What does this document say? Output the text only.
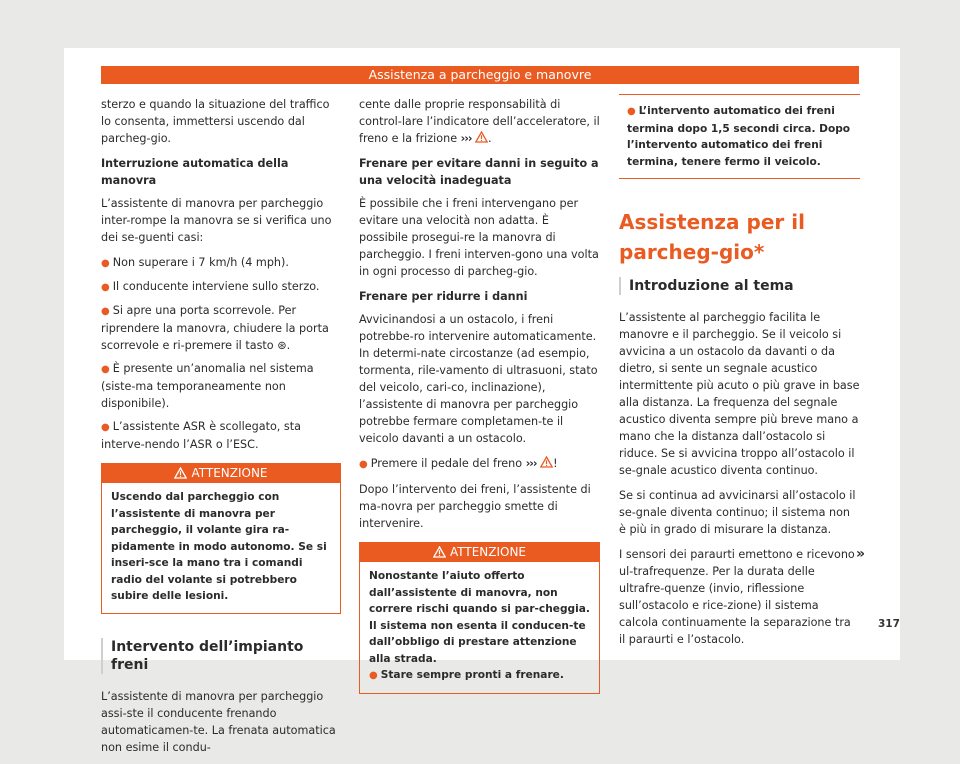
Assistenza a parcheggio e manovre

sterzo e quando la situazione del traffico lo consenta, immettersi uscendo dal parcheg-gio.

Interruzione automatica della manovra

L’assistente di manovra per parcheggio inter-rompe la manovra se si verifica uno dei se-guenti casi:

● Non superare i 7 km/h (4 mph).

● Il conducente interviene sullo sterzo.

● Si apre una porta scorrevole. Per riprendere la manovra, chiudere la porta scorrevole e ri-premere il tasto ⊛.

● È presente un’anomalia nel sistema (siste-ma temporaneamente non disponibile).

● L’assistente ASR è scollegato, sta interve-nendo l’ASR o l’ESC.

ATTENZIONE

Uscendo dal parcheggio con l’assistente di manovra per parcheggio, il volante gira ra-pidamente in modo autonomo. Se si inseri-sce la mano tra i comandi radio del volante si potrebbero subire delle lesioni.

Intervento dell’impianto freni

L’assistente di manovra per parcheggio assi-ste il conducente frenando automaticamen-te. La frenata automatica non esime il condu-

cente dalle proprie responsabilità di control-lare l’indicatore dell’acceleratore, il freno e la frizione ››› .

Frenare per evitare danni in seguito a una velocità inadeguata

È possibile che i freni intervengano per evitare una velocità non adatta. È possibile prosegui-re la manovra di parcheggio. I freni interven-gono una volta in ogni processo di parcheg-gio.

Frenare per ridurre i danni

Avvicinandosi a un ostacolo, i freni potrebbe-ro intervenire automaticamente. In determi-nate circostanze (ad esempio, tormenta, rile-vamento di ultrasuoni, stato del veicolo, cari-co, inclinazione), l’assistente di manovra per parcheggio potrebbe fermare completamen-te il veicolo davanti a un ostacolo.

● Premere il pedale del freno ››› !

Dopo l’intervento dei freni, l’assistente di ma-novra per parcheggio smette di intervenire.

ATTENZIONE

Nonostante l’aiuto offerto dall’assistente di manovra, non correre rischi quando si par-cheggia. Il sistema non esenta il conducen-te dall’obbligo di prestare attenzione alla strada.

● Stare sempre pronti a frenare.

● L’intervento automatico dei freni termina dopo 1,5 secondi circa. Dopo l’intervento automatico dei freni termina, tenere fermo il veicolo.

Assistenza per il parcheg-gio*
Introduzione al tema

L’assistente al parcheggio facilita le manovre e il parcheggio. Se il veicolo si avvicina a un ostacolo da davanti o da dietro, si sente un segnale acustico intermittente più acuto o più grave in base alla distanza. La frequenza del segnale acustico diventa sempre più breve mano a mano che la distanza dall’ostacolo si riduce. Se si avvicina troppo all’ostacolo il se-gnale acustico diventa continuo.

Se si continua ad avvicinarsi all’ostacolo il se-gnale diventa continuo; il sistema non è più in grado di misurare la distanza.

I sensori dei paraurti emettono e ricevono ul-trafrequenze. Per la durata delle ultrafre-quenze (invio, riflessione sull’ostacolo e rice-zione) il sistema calcola continuamente la separazione tra il paraurti e l’ostacolo.

»
317
